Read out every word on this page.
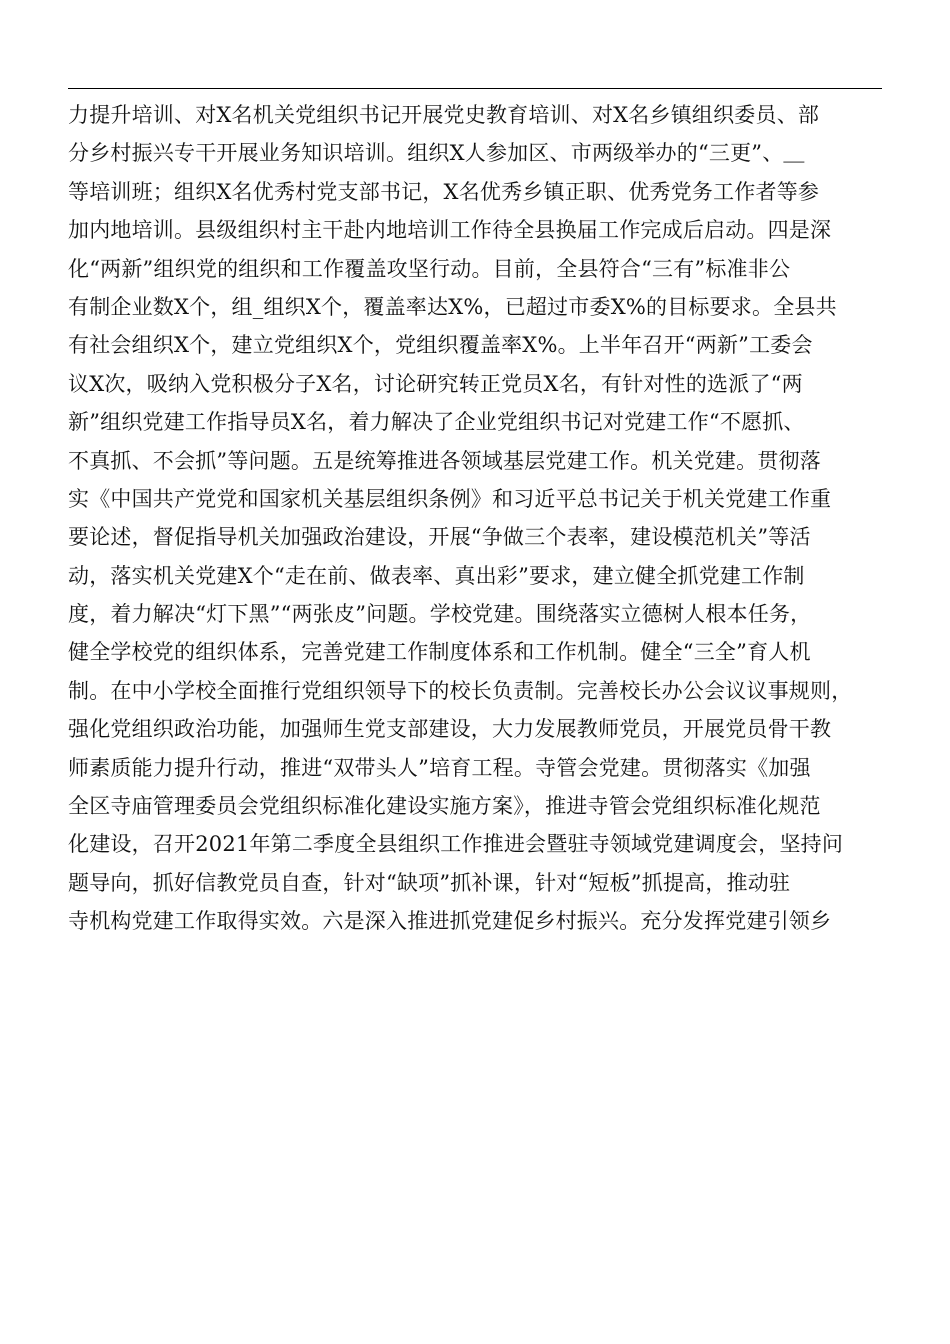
力提升培训、对X名机关党组织书记开展党史教育培训、对X名乡镇组织委员、部
分乡村振兴专干开展业务知识培训。组织X人参加区、市两级举办的“三更”、＿
等培训班；组织X名优秀村党支部书记，X名优秀乡镇正职、优秀党务工作者等参
加内地培训。县级组织村主干赴内地培训工作待全县换届工作完成后启动。四是深
化“两新”组织党的组织和工作覆盖攻坚行动。目前，全县符合“三有”标准非公
有制企业数X个，组_组织X个，覆盖率达X%，已超过市委X%的目标要求。全县共
有社会组织X个，建立党组织X个，党组织覆盖率X%。上半年召开“两新”工委会
议X次，吸纳入党积极分子X名，讨论研究转正党员X名，有针对性的选派了“两
新”组织党建工作指导员X名，着力解决了企业党组织书记对党建工作“不愿抓、
不真抓、不会抓”等问题。五是统筹推进各领域基层党建工作。机关党建。贯彻落
实《中国共产党党和国家机关基层组织条例》和习近平总书记关于机关党建工作重
要论述，督促指导机关加强政治建设，开展“争做三个表率，建设模范机关”等活
动，落实机关党建X个“走在前、做表率、真出彩”要求，建立健全抓党建工作制
度，着力解决“灯下黑”“两张皮”问题。学校党建。围绕落实立德树人根本任务，
健全学校党的组织体系，完善党建工作制度体系和工作机制。健全“三全”育人机
制。在中小学校全面推行党组织领导下的校长负责制。完善校长办公会议议事规则，
强化党组织政治功能，加强师生党支部建设，大力发展教师党员，开展党员骨干教
师素质能力提升行动，推进“双带头人”培育工程。寺管会党建。贯彻落实《加强
全区寺庙管理委员会党组织标准化建设实施方案》，推进寺管会党组织标准化规范
化建设，召开2021年第二季度全县组织工作推进会暨驻寺领域党建调度会，坚持问
题导向，抓好信教党员自查，针对“缺项”抓补课，针对“短板”抓提高，推动驻
寺机构党建工作取得实效。六是深入推进抓党建促乡村振兴。充分发挥党建引领乡
